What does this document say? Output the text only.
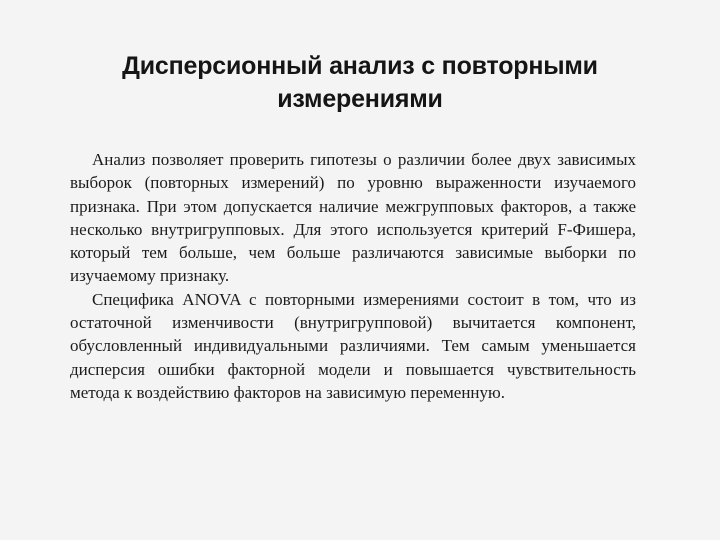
Дисперсионный анализ с повторными
измерениями

Анализ позволяет проверить гипотезы о различии более двух зависимых выборок (повторных измерений) по уровню выраженности изучаемого признака. При этом допускается наличие межгрупповых факторов, а также несколько внутригрупповых. Для этого используется критерий F-Фишера, который тем больше, чем больше различаются зависимые выборки по изучаемому признаку.

Специфика ANOVA с повторными измерениями состоит в том, что из остаточной изменчивости (внутригрупповой) вычитается компонент, обусловленный индивидуальными различиями. Тем самым уменьшается дисперсия ошибки факторной модели и повышается чувствительность метода к воздействию факторов на зависимую переменную.
